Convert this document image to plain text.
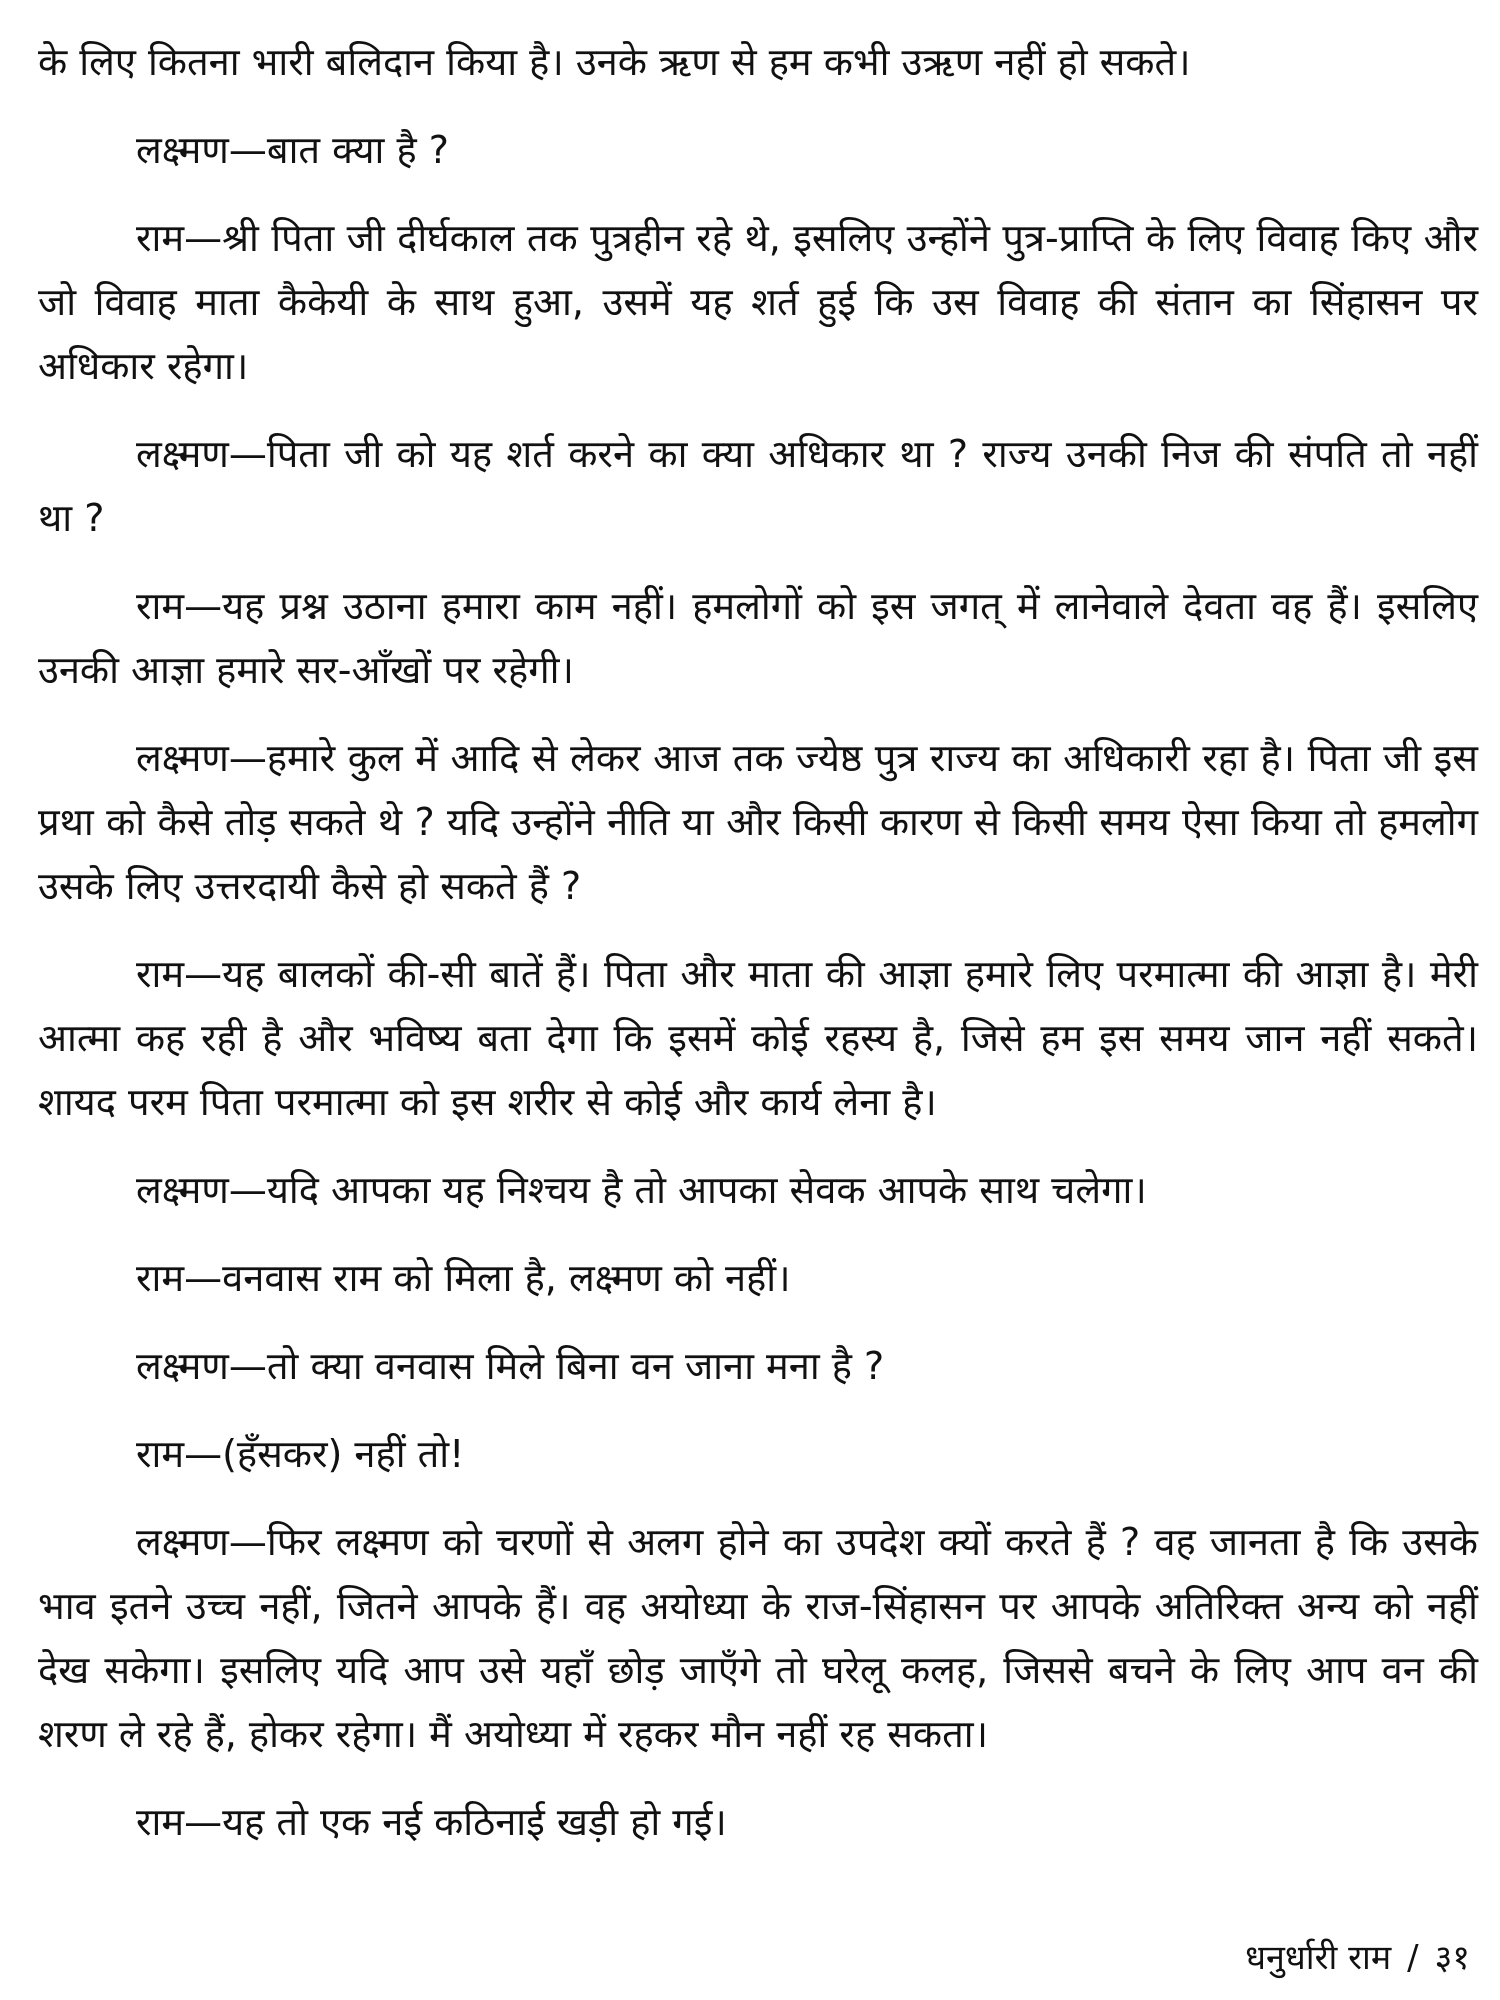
के लिए कितना भारी बलिदान किया है। उनके ऋण से हम कभी उऋण नहीं हो सकते।

लक्ष्मण—बात क्या है ?

राम—श्री पिता जी दीर्घकाल तक पुत्रहीन रहे थे, इसलिए उन्होंने पुत्र-प्राप्ति के लिए विवाह किए और जो विवाह माता कैकेयी के साथ हुआ, उसमें यह शर्त हुई कि उस विवाह की संतान का सिंहासन पर अधिकार रहेगा।

लक्ष्मण—पिता जी को यह शर्त करने का क्या अधिकार था ? राज्य उनकी निज की संपति तो नहीं था ?

राम—यह प्रश्न उठाना हमारा काम नहीं। हमलोगों को इस जगत् में लानेवाले देवता वह हैं। इसलिए उनकी आज्ञा हमारे सर-आँखों पर रहेगी।

लक्ष्मण—हमारे कुल में आदि से लेकर आज तक ज्येष्ठ पुत्र राज्य का अधिकारी रहा है। पिता जी इस प्रथा को कैसे तोड़ सकते थे ? यदि उन्होंने नीति या और किसी कारण से किसी समय ऐसा किया तो हमलोग उसके लिए उत्तरदायी कैसे हो सकते हैं ?

राम—यह बालकों की-सी बातें हैं। पिता और माता की आज्ञा हमारे लिए परमात्मा की आज्ञा है। मेरी आत्मा कह रही है और भविष्य बता देगा कि इसमें कोई रहस्य है, जिसे हम इस समय जान नहीं सकते। शायद परम पिता परमात्मा को इस शरीर से कोई और कार्य लेना है।

लक्ष्मण—यदि आपका यह निश्चय है तो आपका सेवक आपके साथ चलेगा।

राम—वनवास राम को मिला है, लक्ष्मण को नहीं।

लक्ष्मण—तो क्या वनवास मिले बिना वन जाना मना है ?

राम—(हँसकर) नहीं तो!

लक्ष्मण—फिर लक्ष्मण को चरणों से अलग होने का उपदेश क्यों करते हैं ? वह जानता है कि उसके भाव इतने उच्च नहीं, जितने आपके हैं। वह अयोध्या के राज-सिंहासन पर आपके अतिरिक्त अन्य को नहीं देख सकेगा। इसलिए यदि आप उसे यहाँ छोड़ जाएँगे तो घरेलू कलह, जिससे बचने के लिए आप वन की शरण ले रहे हैं, होकर रहेगा। मैं अयोध्या में रहकर मौन नहीं रह सकता।

राम—यह तो एक नई कठिनाई खड़ी हो गई।

धनुर्धारी राम / ३१
